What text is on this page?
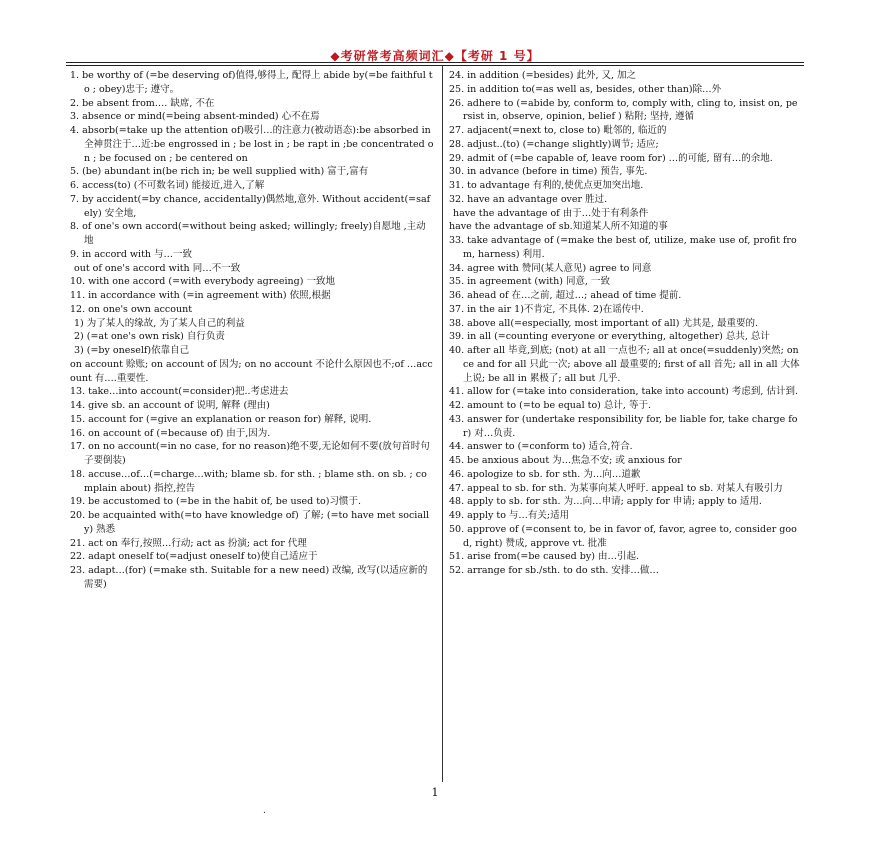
◆考研常考高频词汇◆【考研 1 号】

1. be worthy of (=be deserving of)值得,够得上, 配得上 abide by(=be faithful to ; obey)忠于; 遵守。

2. be absent from…. 缺席, 不在

3. absence or mind(=being absent-minded) 心不在焉

4. absorb(=take up the attention of)吸引…的注意力(被动语态):be absorbed in 全神贯注于…近:be engrossed in ; be lost in ; be rapt in ;be concentrated on ; be focused on ; be centered on

5. (be) abundant in(be rich in; be well supplied with) 富于,富有

6. access(to) (不可数名词) 能接近,进入,了解

7. by accident(=by chance, accidentally)偶然地,意外. Without accident(=safely) 安全地,

8. of one's own accord(=without being asked; willingly; freely)自愿地 ,主动地

9. in accord with 与…一致

out of one's accord with 同…不一致

10. with one accord (=with everybody agreeing) 一致地

11. in accordance with (=in agreement with) 依照,根据

12. on one's own account

1) 为了某人的缘故, 为了某人自己的利益

2) (=at one's own risk) 自行负责

3) (=by oneself)依靠自己

on account 赊账; on account of 因为; on no account 不论什么原因也不;of …account 有….重要性.

13. take…into account(=consider)把..考虑进去

14. give sb. an account of 说明, 解释 (理由)

15. account for (=give an explanation or reason for) 解释, 说明.

16. on account of (=because of) 由于,因为.

17. on no account(=in no case, for no reason)绝不要,无论如何不要(放句首时句子要倒装)

18. accuse…of…(=charge…with; blame sb. for sth. ; blame sth. on sb. ; complain about) 指控,控告

19. be accustomed to (=be in the habit of, be used to)习惯于.

20. be acquainted with(=to have knowledge of) 了解; (=to have met socially) 熟悉

21. act on 奉行,按照…行动; act as 扮演; act for 代理

22. adapt oneself to(=adjust oneself to)使自己适应于

23. adapt…(for) (=make sth. Suitable for a new need) 改编, 改写(以适应新的需要)

24. in addition (=besides) 此外, 又, 加之

25. in addition to(=as well as, besides, other than)除…外

26. adhere to (=abide by, conform to, comply with, cling to, insist on, persist in, observe, opinion, belief ) 粘附; 坚持, 遵循

27. adjacent(=next to, close to) 毗邻的, 临近的

28. adjust..(to) (=change slightly)调节; 适应;

29. admit of (=be capable of, leave room for) …的可能, 留有…的余地.

30. in advance (before in time) 预告, 事先.

31. to advantage 有利的,使优点更加突出地.

32. have an advantage over 胜过.

have the advantage of 由于…处于有利条件

have the advantage of sb.知道某人所不知道的事

33. take advantage of (=make the best of, utilize, make use of, profit from, harness) 利用.

34. agree with 赞同(某人意见) agree to 同意

35. in agreement (with) 同意, 一致

36. ahead of 在…之前, 超过…; ahead of time 提前.

37. in the air 1)不肯定, 不具体. 2)在谣传中.

38. above all(=especially, most important of all) 尤其是, 最重要的.

39. in all (=counting everyone or everything, altogether) 总共, 总计

40. after all 毕竟,到底; (not) at all 一点也不; all at once(=suddenly)突然; once and for all 只此一次; above all 最重要的; first of all 首先; all in all 大体上说; be all in 累极了; all but 几乎.

41. allow for (=take into consideration, take into account) 考虑到, 估计到.

42. amount to (=to be equal to) 总计, 等于.

43. answer for (undertake responsibility for, be liable for, take charge for) 对…负责.

44. answer to (=conform to) 适合,符合.

45. be anxious about 为…焦急不安; 或 anxious for

46. apologize to sb. for sth. 为…向…道歉

47. appeal to sb. for sth. 为某事向某人呼吁. appeal to sb. 对某人有吸引力

48. apply to sb. for sth. 为…向…申请; apply for 申请; apply to 适用.

49. apply to 与…有关;适用

50. approve of (=consent to, be in favor of, favor, agree to, consider good, right) 赞成, approve vt. 批准

51. arise from(=be caused by) 由…引起.

52. arrange for sb./sth. to do sth. 安排…做…

1
.
